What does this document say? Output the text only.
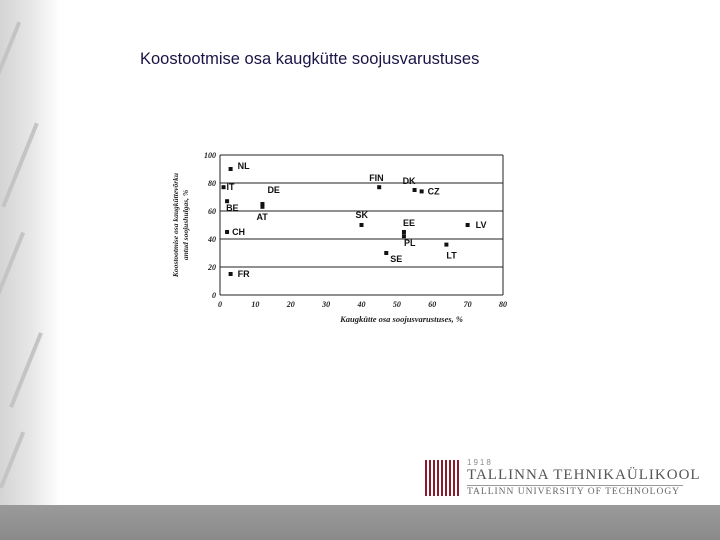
Koostootmise osa kaugkütte soojusvarustuses
Koostootmise osa kaugküttevõrku antud soojushulgas, %
0
20
40
60
80
100
0	10	20	30	40	50	60	70	80
NL
IT	DE
BE
AT
CH
FR
FIN DK
CZ
SK
EE
PL
SE	LT
LV
Kaugkütte osa soojusvarustuses, %
1918
TALLINNA TEHNIKAÜLIKOOL
TALLINN UNIVERSITY OF TECHNOLOGY
